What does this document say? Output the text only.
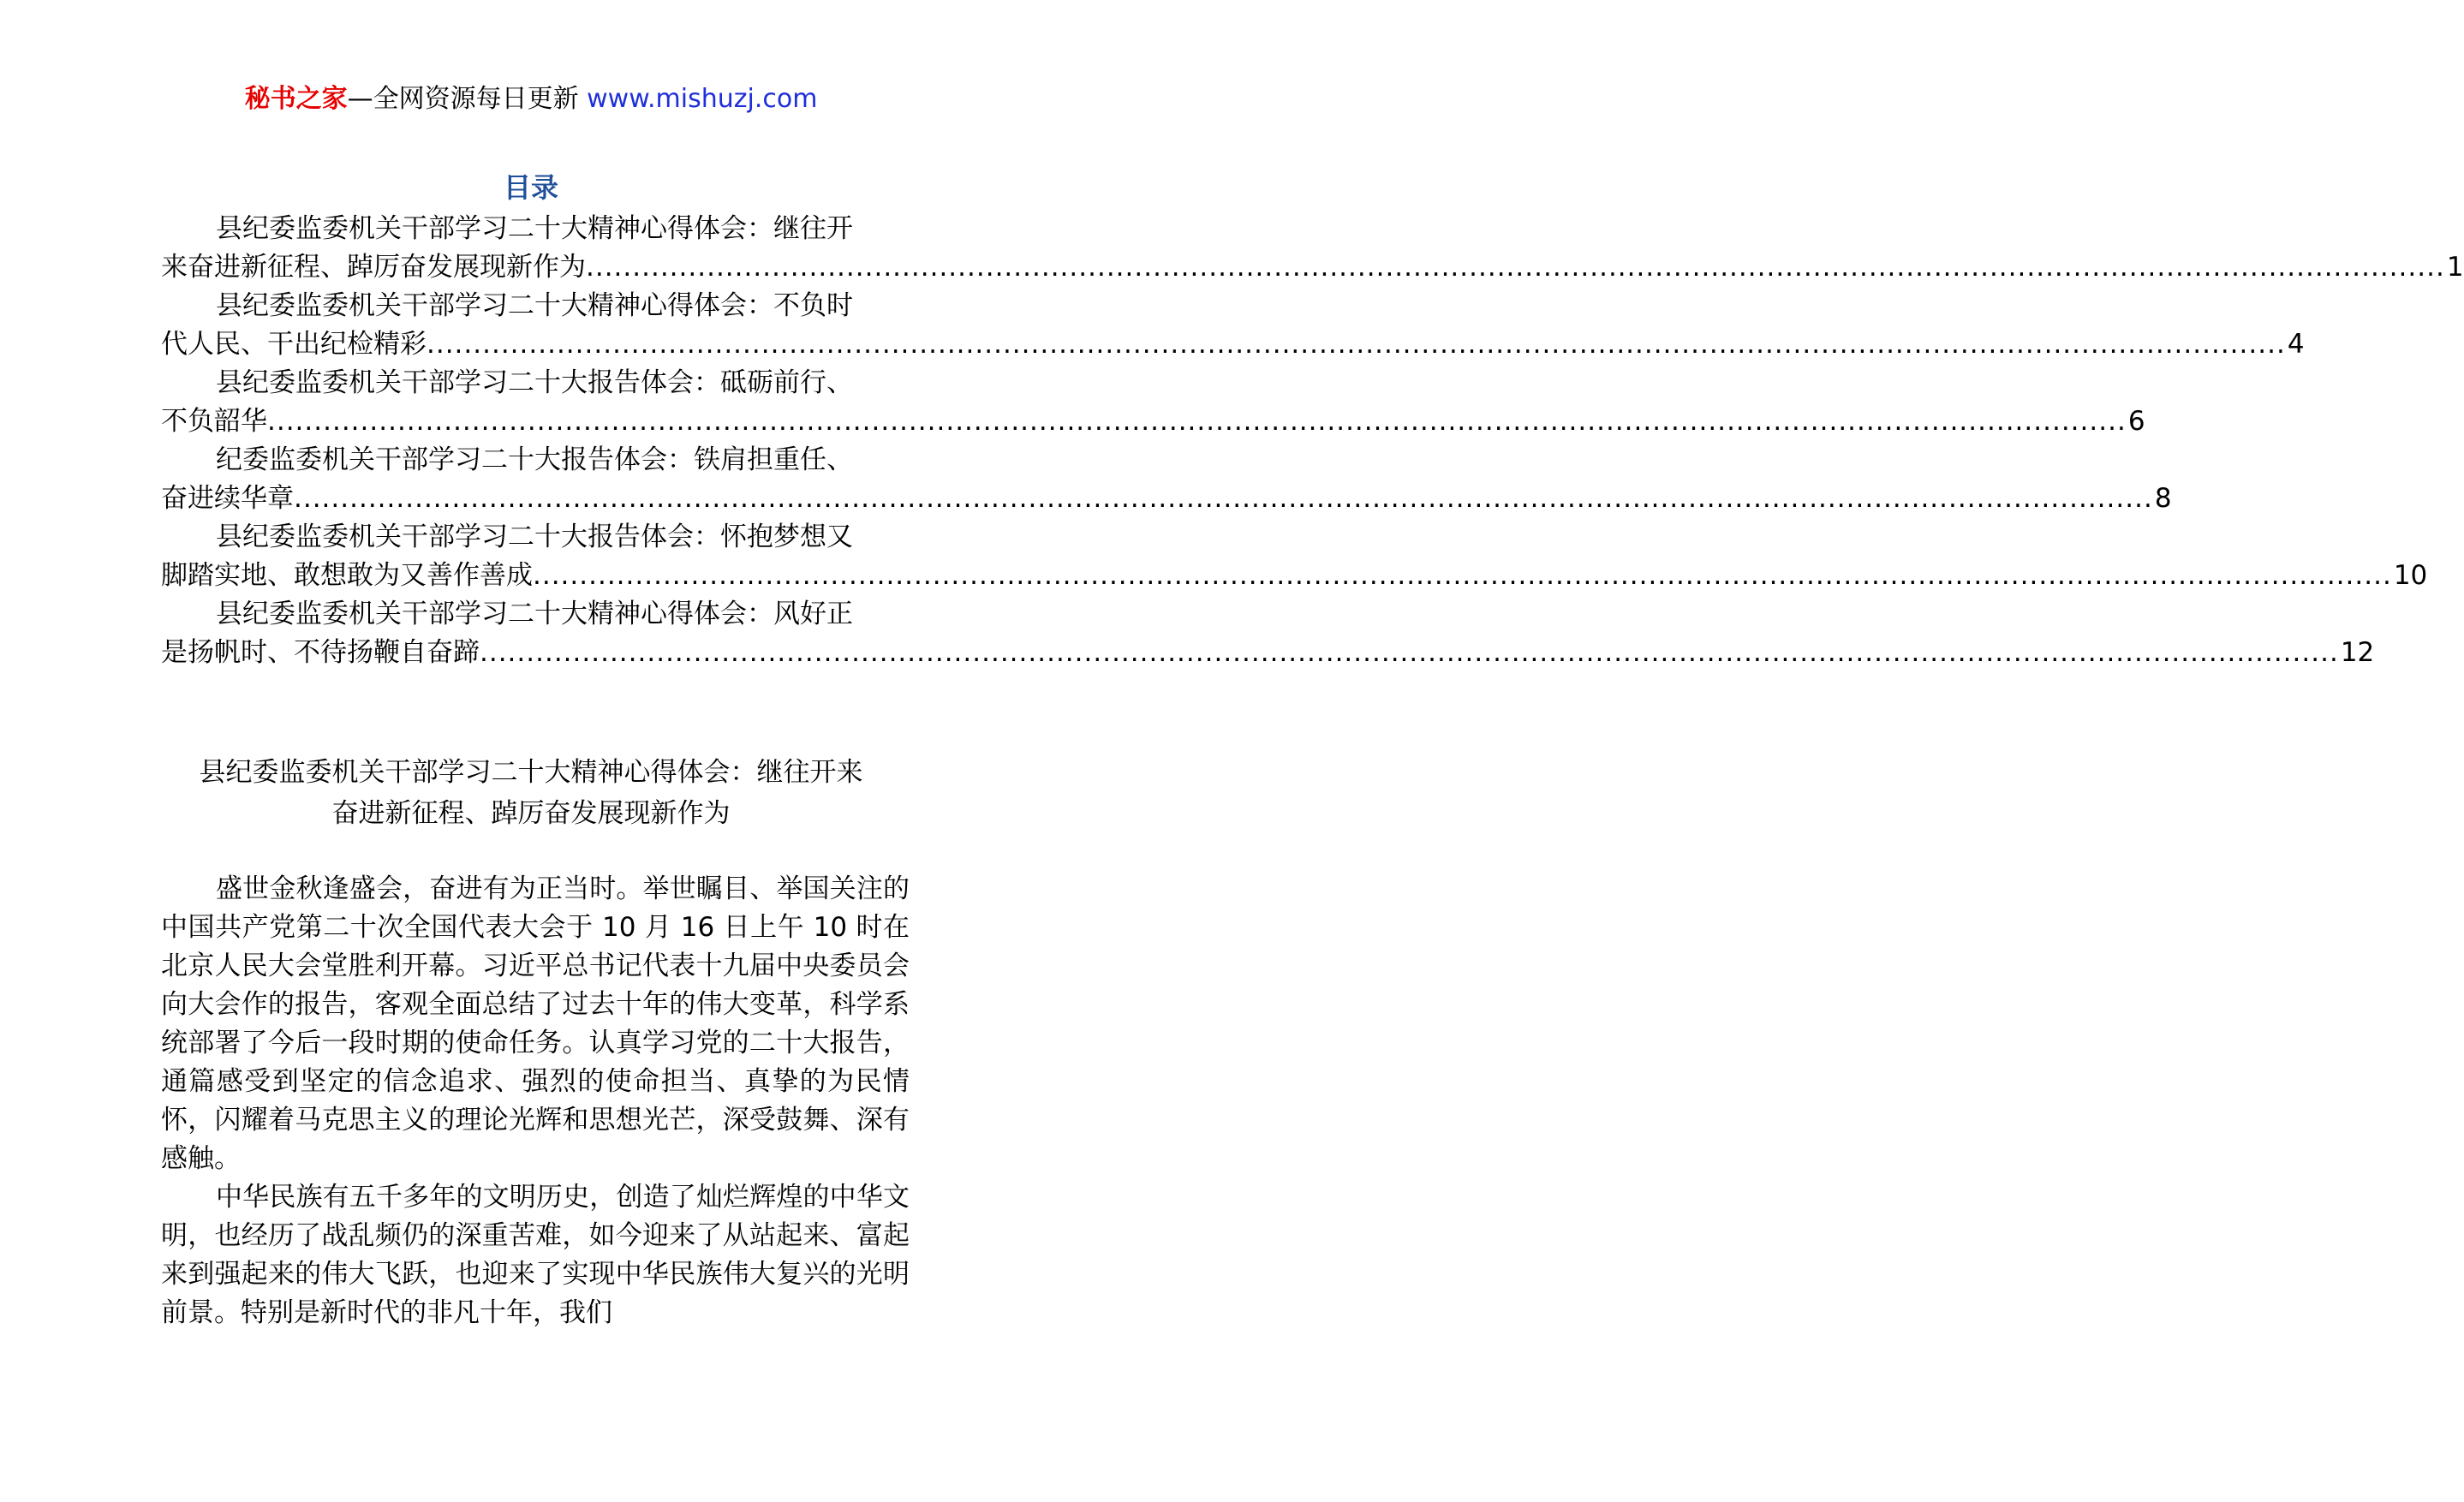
秘书之家—全网资源每日更新 www.mishuzj.com
目录
县纪委监委机关干部学习二十大精神心得体会：继往开
来奋进新征程、踔厉奋发展现新作为 ........................................................................................................................................................................................................ 1
县纪委监委机关干部学习二十大精神心得体会：不负时
代人民、干出纪检精彩 ........................................................................................................................................................................................................ 4
县纪委监委机关干部学习二十大报告体会：砥砺前行、
不负韶华 ........................................................................................................................................................................................................ 6
纪委监委机关干部学习二十大报告体会：铁肩担重任、
奋进续华章 ........................................................................................................................................................................................................ 8
县纪委监委机关干部学习二十大报告体会：怀抱梦想又
脚踏实地、敢想敢为又善作善成 ........................................................................................................................................................................................................ 10
县纪委监委机关干部学习二十大精神心得体会：风好正
是扬帆时、不待扬鞭自奋蹄 ........................................................................................................................................................................................................ 12
县纪委监委机关干部学习二十大精神心得体会：继往开来
奋进新征程、踔厉奋发展现新作为

盛世金秋逢盛会，奋进有为正当时。举世瞩目、举国关注的中国共产党第二十次全国代表大会于 10 月 16 日上午 10 时在北京人民大会堂胜利开幕。习近平总书记代表十九届中央委员会向大会作的报告，客观全面总结了过去十年的伟大变革，科学系统部署了今后一段时期的使命任务。认真学习党的二十大报告，通篇感受到坚定的信念追求、强烈的使命担当、真挚的为民情怀，闪耀着马克思主义的理论光辉和思想光芒，深受鼓舞、深有感触。

中华民族有五千多年的文明历史，创造了灿烂辉煌的中华文明，也经历了战乱频仍的深重苦难，如今迎来了从站起来、富起来到强起来的伟大飞跃，也迎来了实现中华民族伟大复兴的光明前景。特别是新时代的非凡十年，我们
